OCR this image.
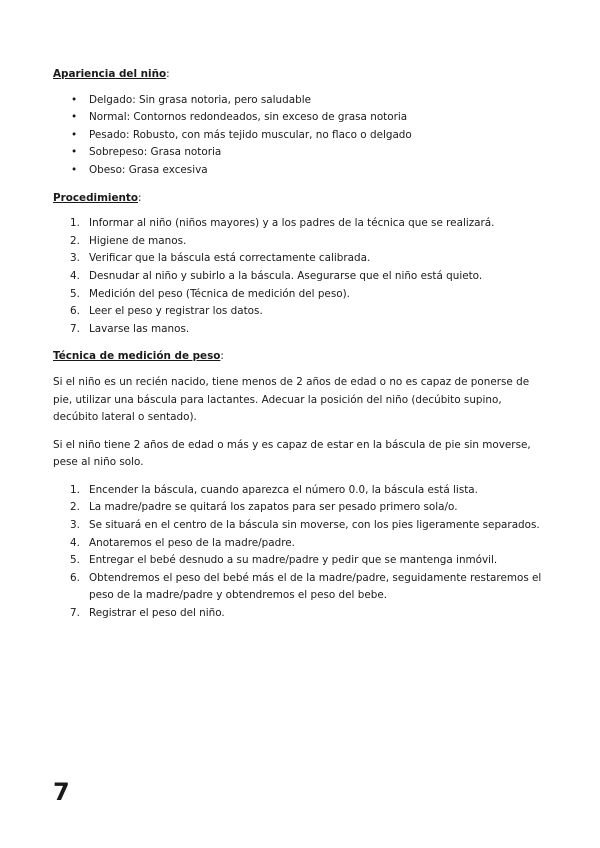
Apariencia del niño:
• Delgado: Sin grasa notoria, pero saludable
• Normal: Contornos redondeados, sin exceso de grasa notoria
• Pesado: Robusto, con más tejido muscular, no flaco o delgado
• Sobrepeso: Grasa notoria
• Obeso: Grasa excesiva
Procedimiento:
1. Informar al niño (niños mayores) y a los padres de la técnica que se realizará.
2. Higiene de manos.
3. Verificar que la báscula está correctamente calibrada.
4. Desnudar al niño y subirlo a la báscula. Asegurarse que el niño está quieto.
5. Medición del peso (Técnica de medición del peso).
6. Leer el peso y registrar los datos.
7. Lavarse las manos.
Técnica de medición de peso:

Si el niño es un recién nacido, tiene menos de 2 años de edad o no es capaz de ponerse de pie, utilizar una báscula para lactantes. Adecuar la posición del niño (decúbito supino, decúbito lateral o sentado).

Si el niño tiene 2 años de edad o más y es capaz de estar en la báscula de pie sin moverse, pese al niño solo.

1. Encender la báscula, cuando aparezca el número 0.0, la báscula está lista.
2. La madre/padre se quitará los zapatos para ser pesado primero sola/o.
3. Se situará en el centro de la báscula sin moverse, con los pies ligeramente separados.
4. Anotaremos el peso de la madre/padre.
5. Entregar el bebé desnudo a su madre/padre y pedir que se mantenga inmóvil.
6. Obtendremos el peso del bebé más el de la madre/padre, seguidamente restaremos el peso de la madre/padre y obtendremos el peso del bebe.
7. Registrar el peso del niño.
7
